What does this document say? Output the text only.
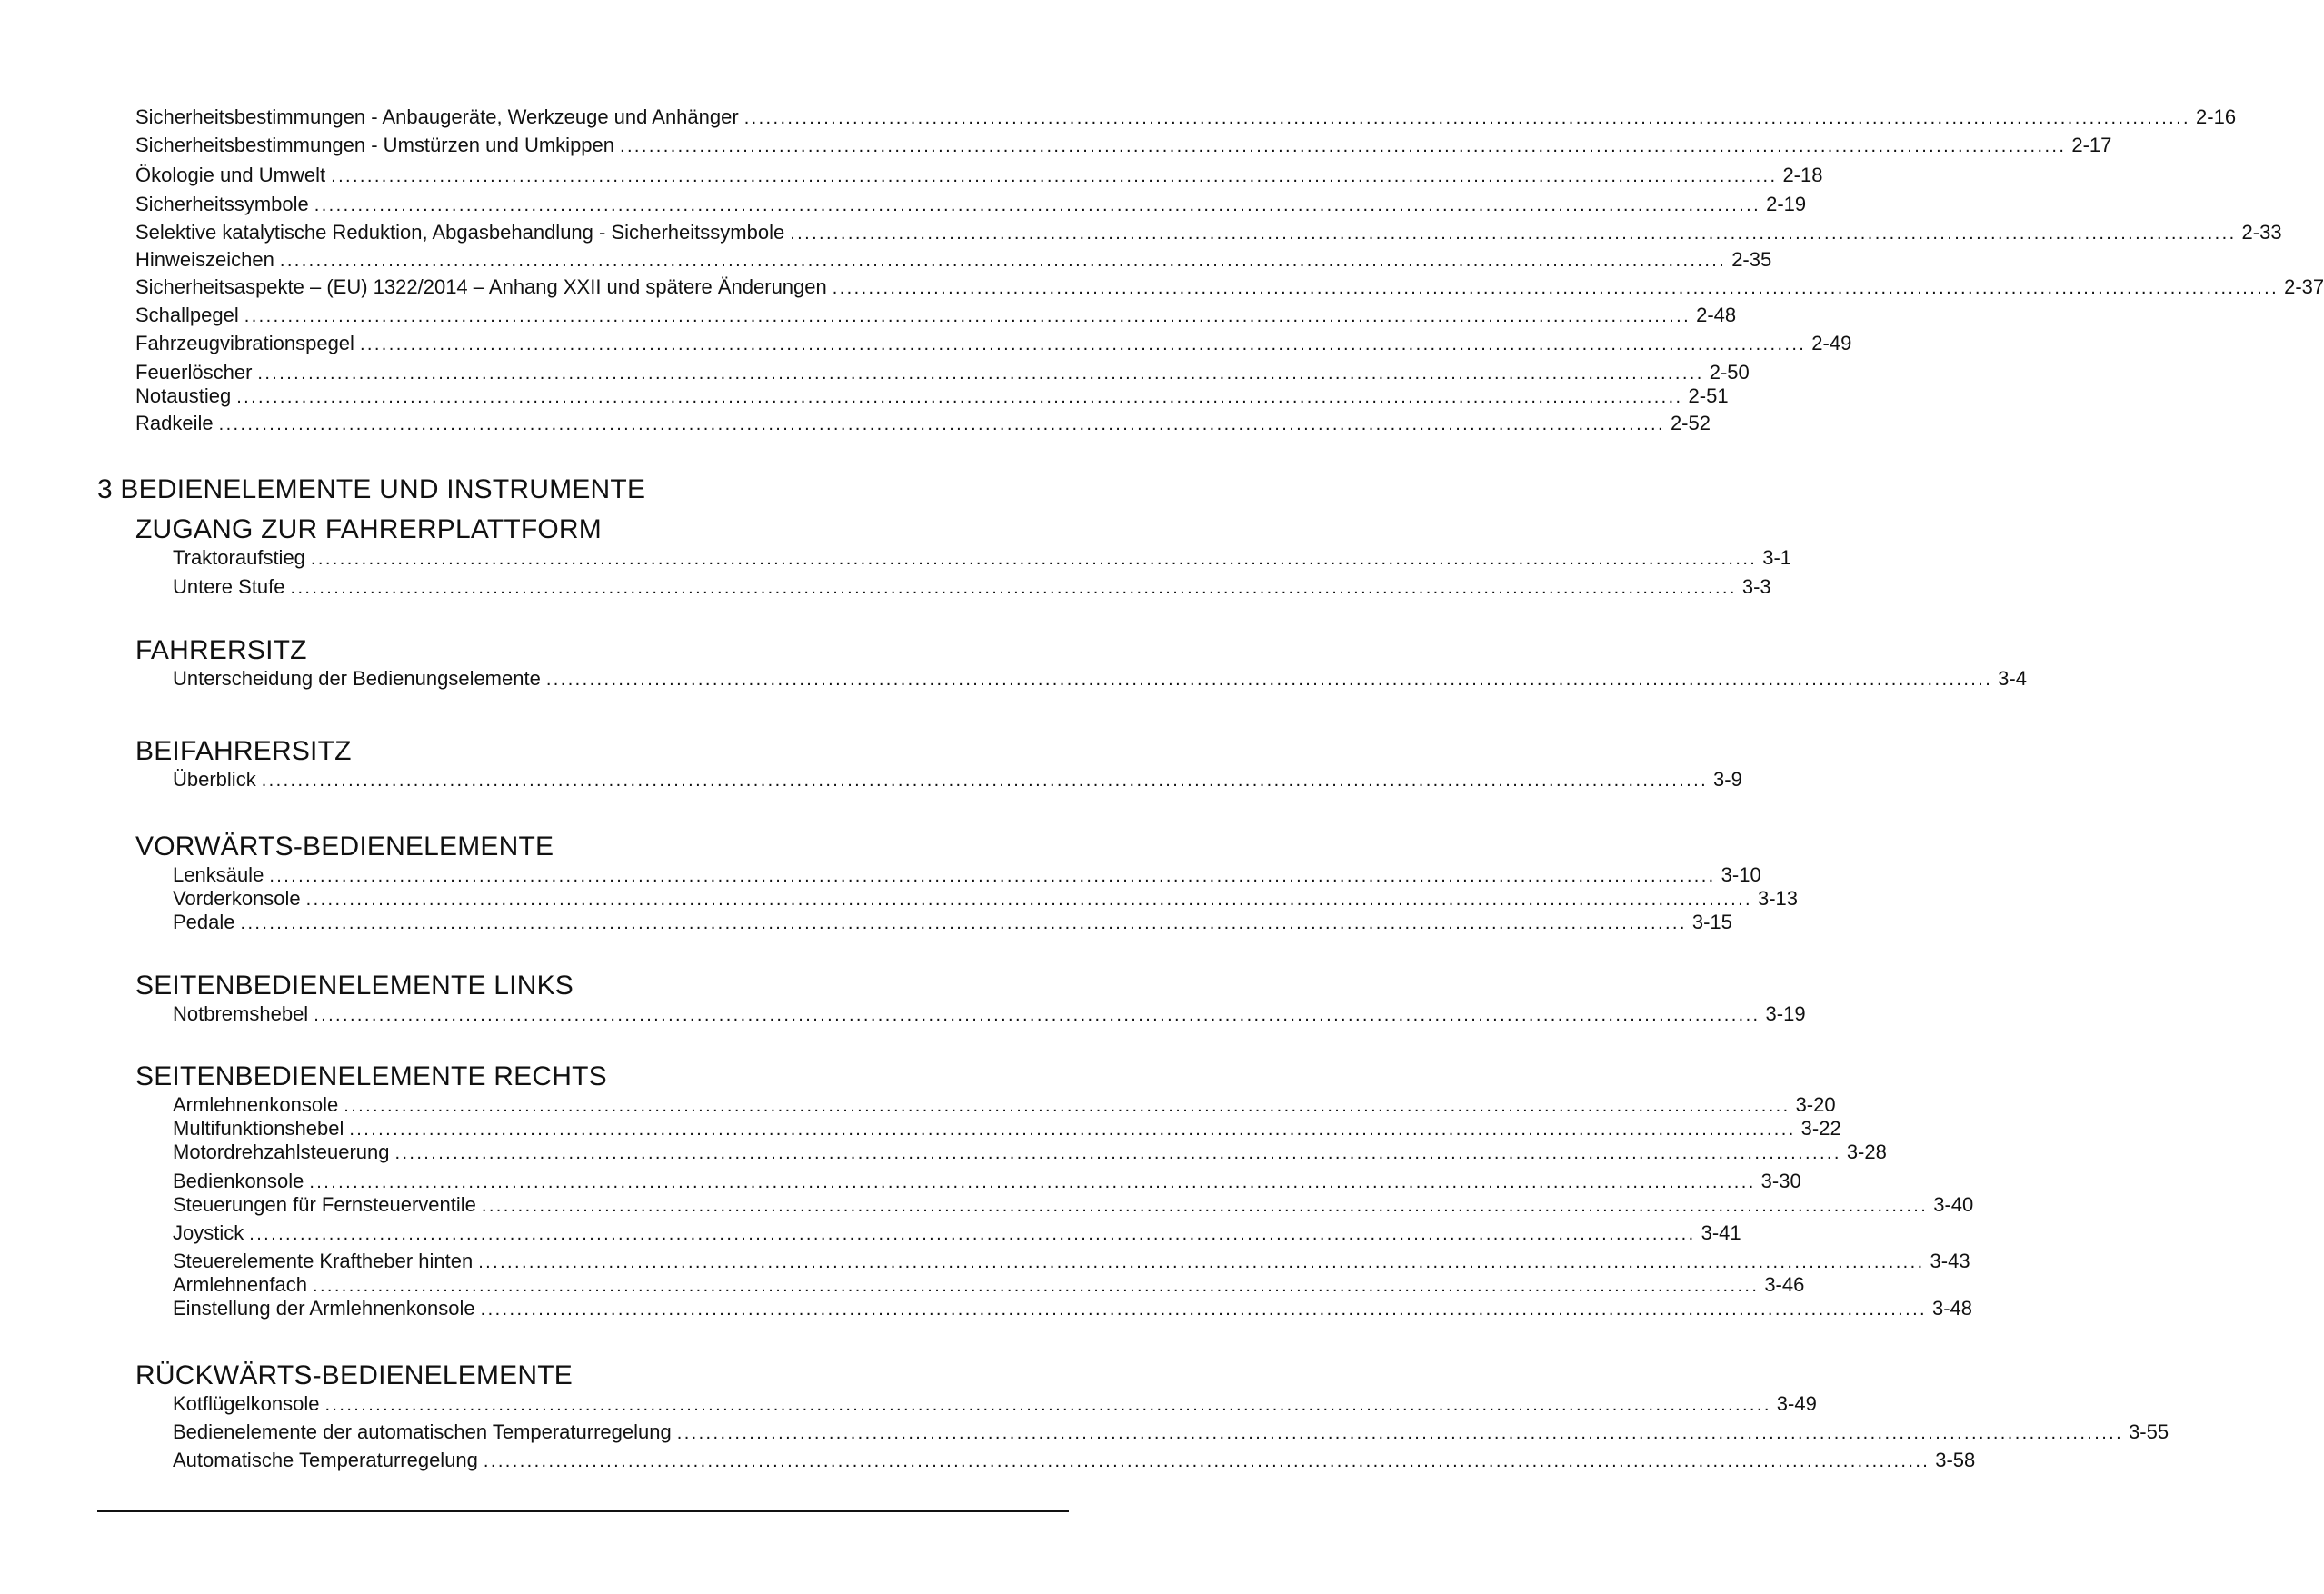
Sicherheitsbestimmungen - Anbaugeräte, Werkzeuge und Anhänger ........................................................................................................................................................................................................ 2-16
Sicherheitsbestimmungen - Umstürzen und Umkippen ........................................................................................................................................................................................................ 2-17
Ökologie und Umwelt ........................................................................................................................................................................................................ 2-18
Sicherheitssymbole ........................................................................................................................................................................................................ 2-19
Selektive katalytische Reduktion, Abgasbehandlung - Sicherheitssymbole ........................................................................................................................................................................................................ 2-33
Hinweiszeichen ........................................................................................................................................................................................................ 2-35
Sicherheitsaspekte – (EU) 1322/2014 – Anhang XXII und spätere Änderungen ........................................................................................................................................................................................................ 2-37
Schallpegel ........................................................................................................................................................................................................ 2-48
Fahrzeugvibrationspegel ........................................................................................................................................................................................................ 2-49
Feuerlöscher ........................................................................................................................................................................................................ 2-50
Notaustieg ........................................................................................................................................................................................................ 2-51
Radkeile ........................................................................................................................................................................................................ 2-52
3 BEDIENELEMENTE UND INSTRUMENTE
ZUGANG ZUR FAHRERPLATTFORM
Traktoraufstieg ........................................................................................................................................................................................................ 3-1
Untere Stufe ........................................................................................................................................................................................................ 3-3
FAHRERSITZ
Unterscheidung der Bedienungselemente ........................................................................................................................................................................................................ 3-4
BEIFAHRERSITZ
Überblick ........................................................................................................................................................................................................ 3-9
VORWÄRTS-BEDIENELEMENTE
Lenksäule ........................................................................................................................................................................................................ 3-10
Vorderkonsole ........................................................................................................................................................................................................ 3-13
Pedale ........................................................................................................................................................................................................ 3-15
SEITENBEDIENELEMENTE LINKS
Notbremshebel ........................................................................................................................................................................................................ 3-19
SEITENBEDIENELEMENTE RECHTS
Armlehnenkonsole ........................................................................................................................................................................................................ 3-20
Multifunktionshebel ........................................................................................................................................................................................................ 3-22
Motordrehzahlsteuerung ........................................................................................................................................................................................................ 3-28
Bedienkonsole ........................................................................................................................................................................................................ 3-30
Steuerungen für Fernsteuerventile ........................................................................................................................................................................................................ 3-40
Joystick ........................................................................................................................................................................................................ 3-41
Steuerelemente Kraftheber hinten ........................................................................................................................................................................................................ 3-43
Armlehnenfach ........................................................................................................................................................................................................ 3-46
Einstellung der Armlehnenkonsole ........................................................................................................................................................................................................ 3-48
RÜCKWÄRTS-BEDIENELEMENTE
Kotflügelkonsole ........................................................................................................................................................................................................ 3-49
Bedienelemente der automatischen Temperaturregelung ........................................................................................................................................................................................................ 3-55
Automatische Temperaturregelung ........................................................................................................................................................................................................ 3-58
